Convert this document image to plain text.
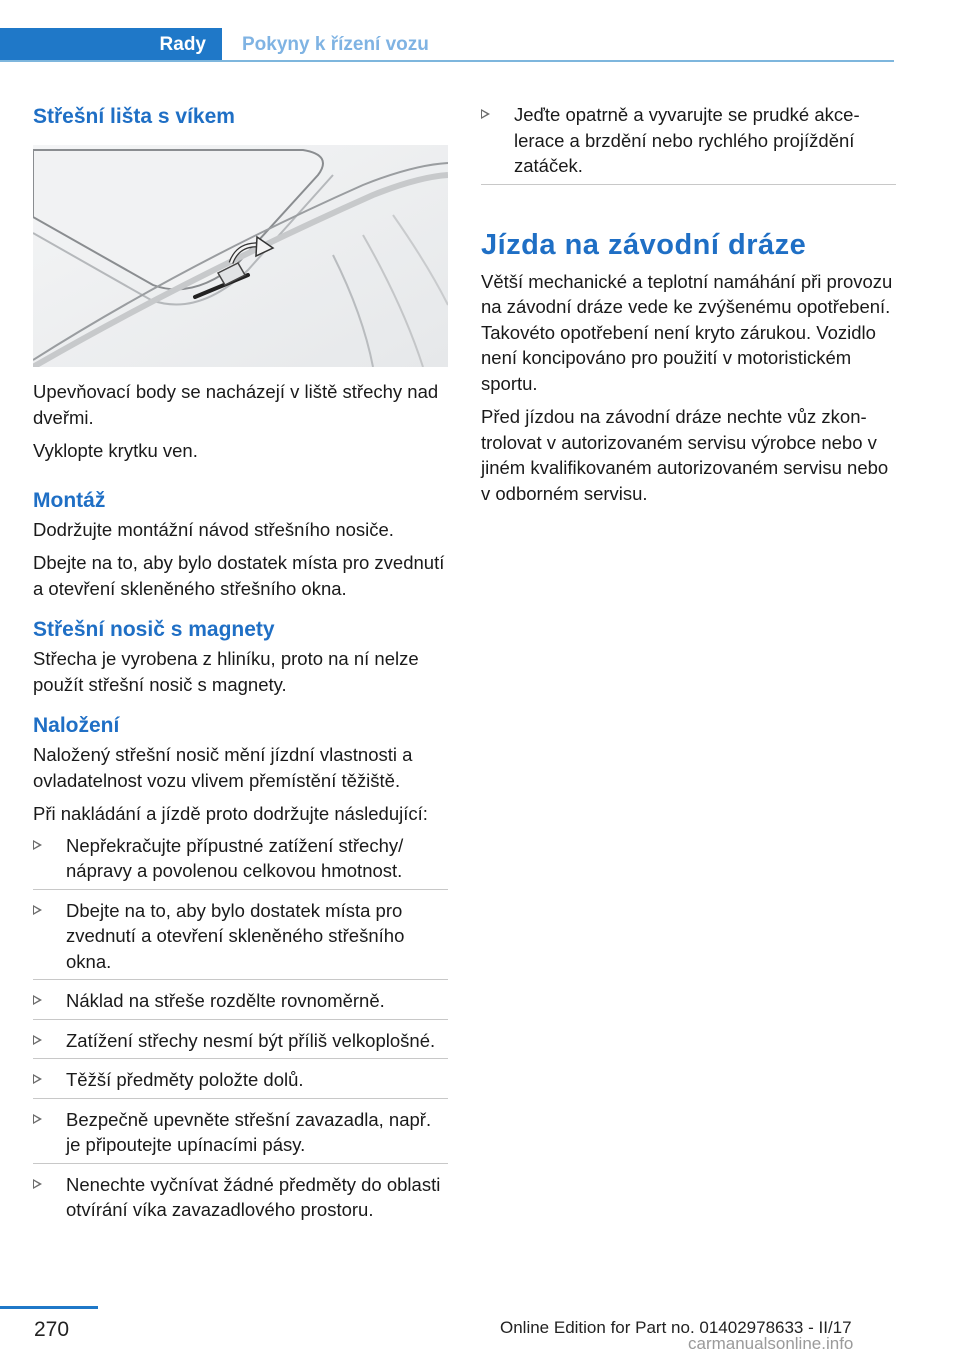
Rady	Pokyny k řízení vozu
Střešní lišta s víkem

Upevňovací body se nacházejí v liště střechy nad dveřmi.

Vyklopte krytku ven.

Montáž

Dodržujte montážní návod střešního nosiče.

Dbejte na to, aby bylo dostatek místa pro zvednutí a otevření skleněného střešního okna.

Střešní nosič s magnety

Střecha je vyrobena z hliníku, proto na ní nelze použít střešní nosič s magnety.

Naložení

Naložený střešní nosič mění jízdní vlastnosti a ovladatelnost vozu vlivem přemístění těžiště.

Při nakládání a jízdě proto dodržujte následující:

Nepřekračujte přípustné zatížení střechy/ nápravy a povolenou celkovou hmotnost.
Dbejte na to, aby bylo dostatek místa pro zvednutí a otevření skleněného střešního okna.
Náklad na střeše rozdělte rovnoměrně.
Zatížení střechy nesmí být příliš velkoplošné.
Těžší předměty položte dolů.
Bezpečně upevněte střešní zavazadla, např. je připoutejte upínacími pásy.
Nenechte vyčnívat žádné předměty do oblasti otvírání víka zavazadlového prostoru.
Jeďte opatrně a vyvarujte se prudké akcelerace a brzdění nebo rychlého projíždění zatáček.
Jízda na závodní dráze

Větší mechanické a teplotní namáhání při provozu na závodní dráze vede ke zvýšenému opotřebení. Takovéto opotřebení není kryto zárukou. Vozidlo není koncipováno pro použití v motoristickém sportu.

Před jízdou na závodní dráze nechte vůz zkontrolovat v autorizovaném servisu výrobce nebo v jiném kvalifikovaném autorizovaném servisu nebo v odborném servisu.

270	Online Edition for Part no. 01402978633 - II/17
carmanualsonline.info
